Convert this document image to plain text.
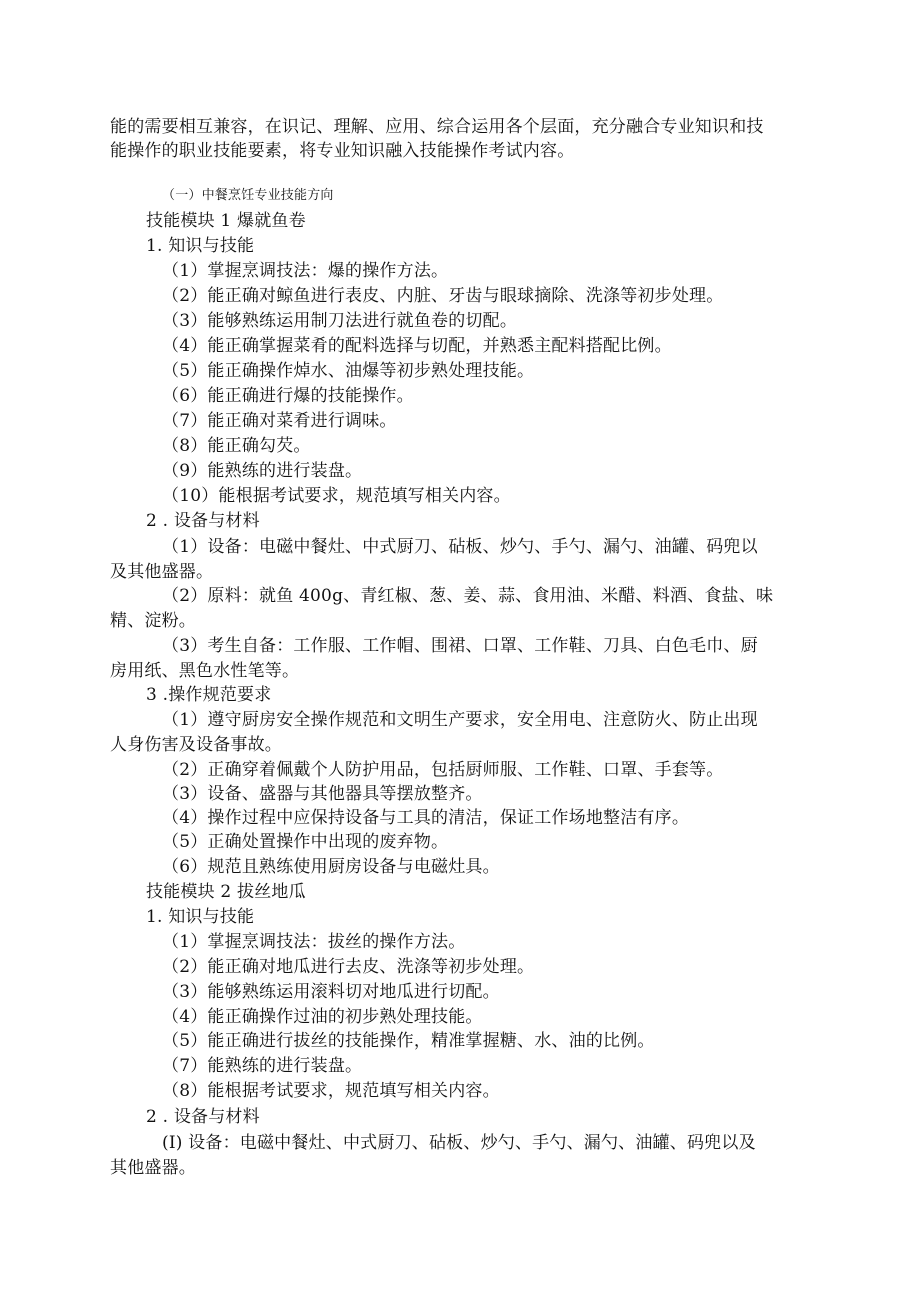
能的需要相互兼容，在识记、理解、应用、综合运用各个层面，充分融合专业知识和技
能操作的职业技能要素，将专业知识融入技能操作考试内容。
（一）中餐烹饪专业技能方向
技能模块 1 爆就鱼卷
1. 知识与技能
（1）掌握烹调技法：爆的操作方法。
（2）能正确对鲸鱼进行表皮、内脏、牙齿与眼球摘除、洗涤等初步处理。
（3）能够熟练运用制刀法进行就鱼卷的切配。
（4）能正确掌握菜肴的配料选择与切配，并熟悉主配料搭配比例。
（5）能正确操作焯水、油爆等初步熟处理技能。
（6）能正确进行爆的技能操作。
（7）能正确对菜肴进行调味。
（8）能正确勾芡。
（9）能熟练的进行装盘。
（10）能根据考试要求，规范填写相关内容。
2 . 设备与材料
（1）设备：电磁中餐灶、中式厨刀、砧板、炒勺、手勺、漏勺、油罐、码兜以
及其他盛器。
（2）原料：就鱼 400g、青红椒、葱、姜、蒜、食用油、米醋、料酒、食盐、味
精、淀粉。
（3）考生自备：工作服、工作帽、围裙、口罩、工作鞋、刀具、白色毛巾、厨
房用纸、黑色水性笔等。
3 .操作规范要求
（1）遵守厨房安全操作规范和文明生产要求，安全用电、注意防火、防止出现
人身伤害及设备事故。
（2）正确穿着佩戴个人防护用品，包括厨师服、工作鞋、口罩、手套等。
（3）设备、盛器与其他器具等摆放整齐。
（4）操作过程中应保持设备与工具的清洁，保证工作场地整洁有序。
（5）正确处置操作中出现的废弃物。
（6）规范且熟练使用厨房设备与电磁灶具。
技能模块 2 拔丝地瓜
1. 知识与技能
（1）掌握烹调技法：拔丝的操作方法。
（2）能正确对地瓜进行去皮、洗涤等初步处理。
（3）能够熟练运用滚料切对地瓜进行切配。
（4）能正确操作过油的初步熟处理技能。
（5）能正确进行拔丝的技能操作，精准掌握糖、水、油的比例。
（7）能熟练的进行装盘。
（8）能根据考试要求，规范填写相关内容。
2 . 设备与材料
(I) 设备：电磁中餐灶、中式厨刀、砧板、炒勺、手勺、漏勺、油罐、码兜以及
其他盛器。
